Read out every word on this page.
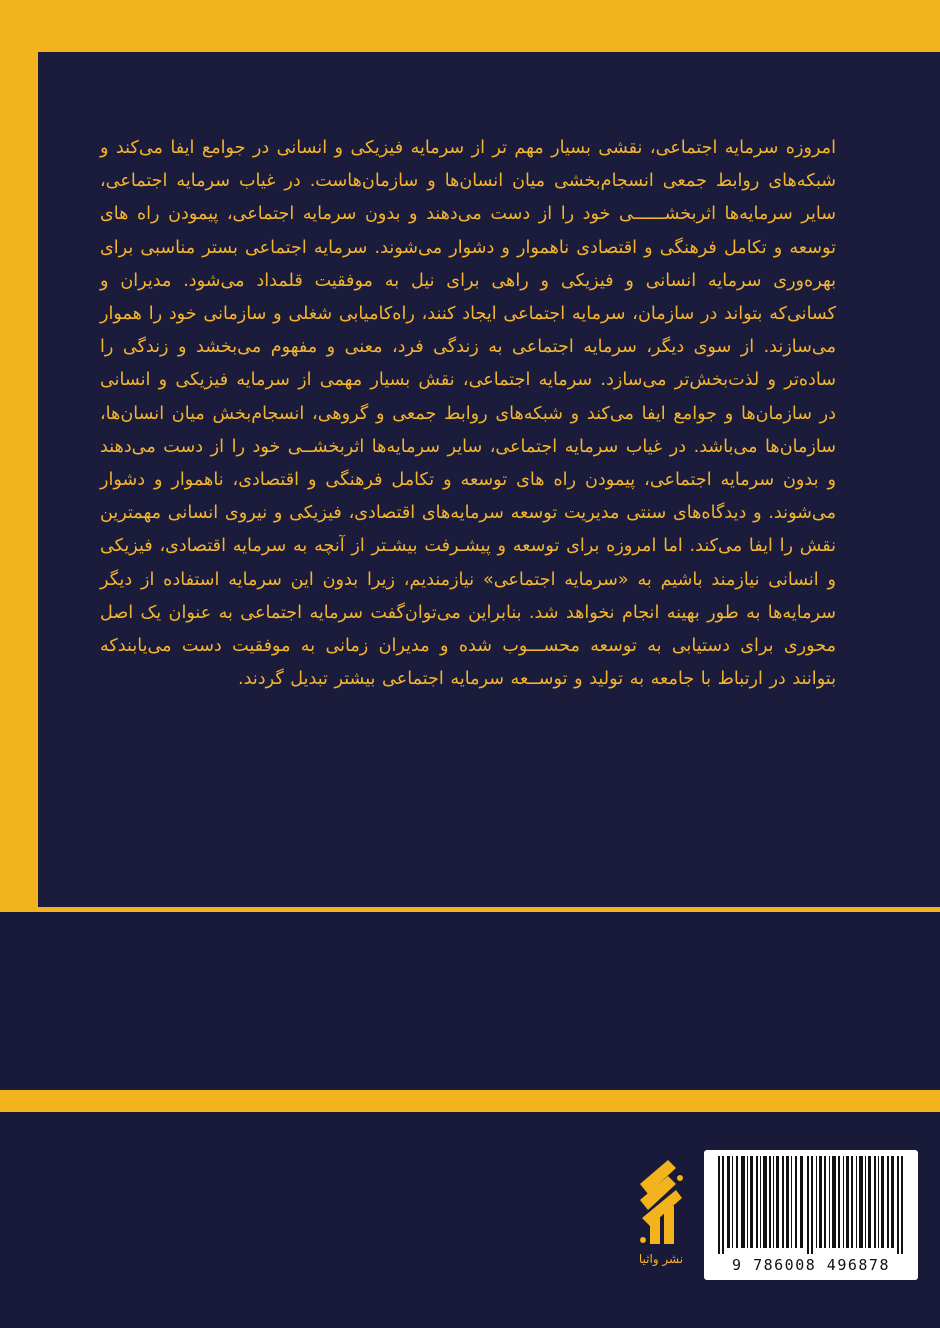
امروزه سرمایه اجتماعی، نقشی بسیار مهم تر از سرمایه فیزیکی و انسانی در جوامع ایفا می‌کند و شبکه‌های روابط جمعی انسجام‌بخشی میان انسان‌ها و سازمان‌هاست. در غیاب سرمایه اجتماعی، سایر سرمایه‌ها اثربخشــــــی خود را از دست می‌دهند و بدون سرمایه اجتماعی، پیمودن راه های توسعه و تکامل فرهنگی و اقتصادی ناهموار و دشوار می‌شوند. سرمایه اجتماعی بستر مناسبی برای بهره‌وری سرمایه انسانی و فیزیکی و راهی برای نیل به موفقیت قلمداد می‌شود. مدیران و کسانی‌که بتواند در سازمان، سرمایه اجتماعی ایجاد کنند، راه‌کامیابی شغلی و سازمانی خود را هموار می‌سازند. از سوی دیگر، سرمایه اجتماعی به زندگی فرد، معنی و مفهوم می‌بخشد و زندگی را ساده‌تر و لذت‌بخش‌تر می‌سازد. سرمایه اجتماعی، نقش بسیار مهمی از سرمایه فیزیکی و انسانی در سازمان‌ها و جوامع ایفا می‌کند و شبکه‌های روابط جمعی و گروهی، انسجام‌بخش میان انسان‌ها، سازمان‌ها می‌باشد. در غیاب سرمایه اجتماعی، سایر سرمایه‌ها اثربخشــی خود را از دست می‌دهند و بدون سرمایه اجتماعی، پیمودن راه های توسعه و تکامل فرهنگی و اقتصادی، ناهموار و دشوار می‌شوند. و دیدگاه‌های سنتی مدیریت توسعه سرمایه‌های اقتصادی، فیزیکی و نیروی انسانی مهمترین نقش را ایفا می‌کند. اما امروزه برای توسعه و پیشـرفت بیشـتر از آنچه به سرمایه اقتصادی، فیزیکی و انسانی نیازمند باشیم به «سرمایه اجتماعی» نیازمندیم، زیرا بدون این سرمایه استفاده از دیگر سرمایه‌ها به طور بهینه انجام نخواهد شد. بنابراین می‌توان‌گفت سرمایه اجتماعی به عنوان یک اصل محوری برای دستیابی به توسعه محســـوب شده و مدیران زمانی به موفقیت دست می‌یابندکه بتوانند در ارتباط با جامعه به تولید و توســعه سرمایه اجتماعی بیشتر تبدیل گردند.

نشر واثیا	9 786008 496878
